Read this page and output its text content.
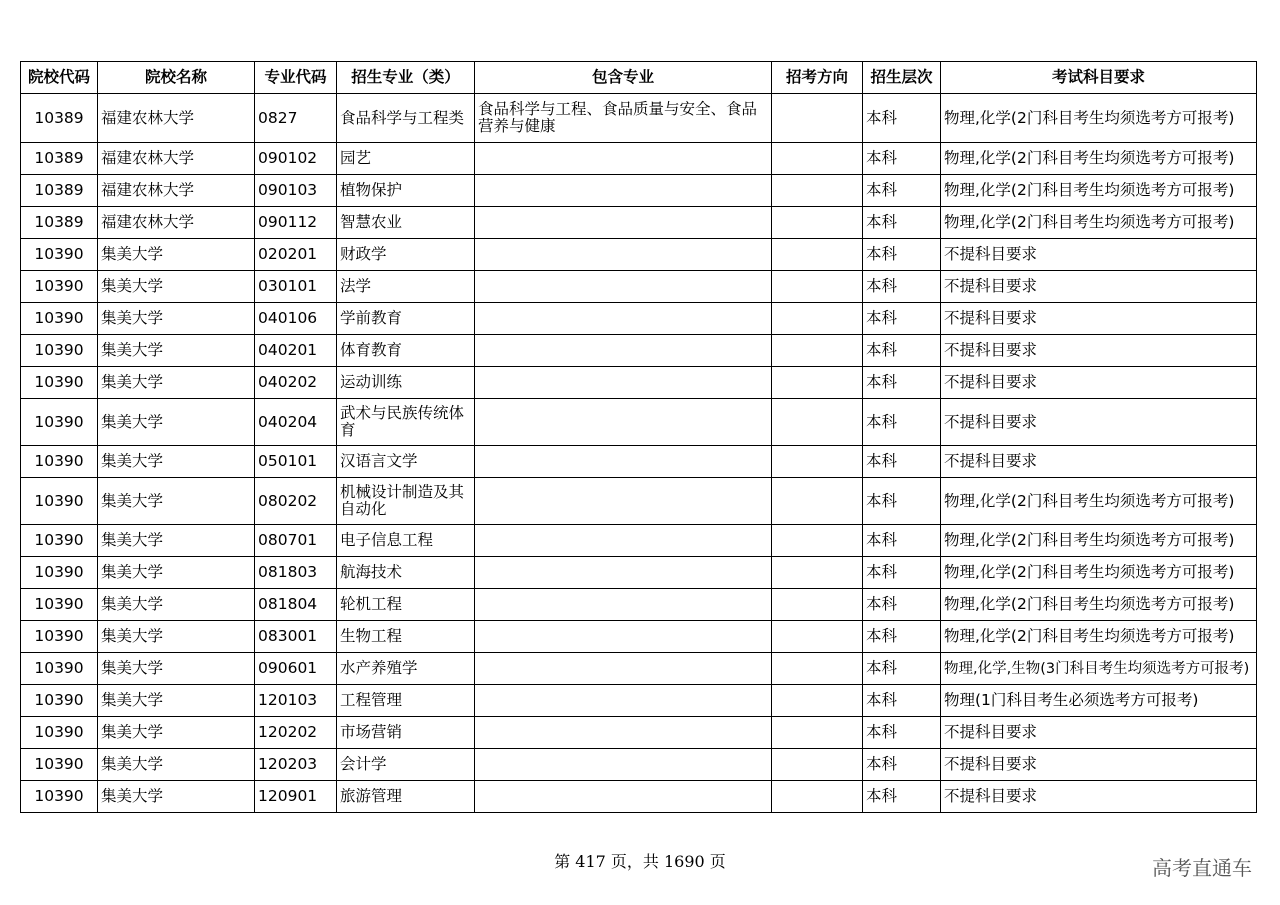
院校代码	院校名称	专业代码	招生专业（类）	包含专业	招考方向	招生层次	考试科目要求
10389	福建农林大学	0827	食品科学与工程类	食品科学与工程、食品质量与安全、食品营养与健康		本科	物理,化学(2门科目考生均须选考方可报考)
10389	福建农林大学	090102	园艺			本科	物理,化学(2门科目考生均须选考方可报考)
10389	福建农林大学	090103	植物保护			本科	物理,化学(2门科目考生均须选考方可报考)
10389	福建农林大学	090112	智慧农业			本科	物理,化学(2门科目考生均须选考方可报考)
10390	集美大学	020201	财政学			本科	不提科目要求
10390	集美大学	030101	法学			本科	不提科目要求
10390	集美大学	040106	学前教育			本科	不提科目要求
10390	集美大学	040201	体育教育			本科	不提科目要求
10390	集美大学	040202	运动训练			本科	不提科目要求
10390	集美大学	040204	武术与民族传统体育			本科	不提科目要求
10390	集美大学	050101	汉语言文学			本科	不提科目要求
10390	集美大学	080202	机械设计制造及其自动化			本科	物理,化学(2门科目考生均须选考方可报考)
10390	集美大学	080701	电子信息工程			本科	物理,化学(2门科目考生均须选考方可报考)
10390	集美大学	081803	航海技术			本科	物理,化学(2门科目考生均须选考方可报考)
10390	集美大学	081804	轮机工程			本科	物理,化学(2门科目考生均须选考方可报考)
10390	集美大学	083001	生物工程			本科	物理,化学(2门科目考生均须选考方可报考)
10390	集美大学	090601	水产养殖学			本科	物理,化学,生物(3门科目考生均须选考方可报考)
10390	集美大学	120103	工程管理			本科	物理(1门科目考生必须选考方可报考)
10390	集美大学	120202	市场营销			本科	不提科目要求
10390	集美大学	120203	会计学			本科	不提科目要求
10390	集美大学	120901	旅游管理			本科	不提科目要求
第 417 页，共 1690 页	高考直通车
